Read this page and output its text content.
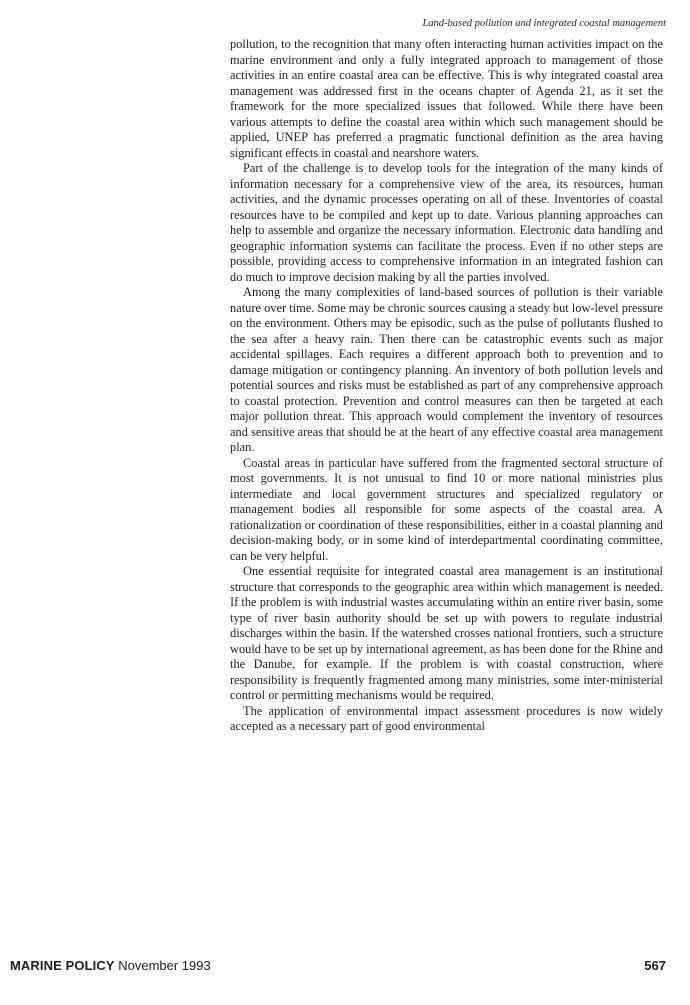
Land-based pollution and integrated coastal management

pollution, to the recognition that many often interacting human activities impact on the marine environment and only a fully integrated approach to management of those activities in an entire coastal area can be effective. This is why integrated coastal area management was addressed first in the oceans chapter of Agenda 21, as it set the framework for the more specialized issues that followed. While there have been various attempts to define the coastal area within which such management should be applied, UNEP has preferred a pragmatic functional definition as the area having significant effects in coastal and nearshore waters.

Part of the challenge is to develop tools for the integration of the many kinds of information necessary for a comprehensive view of the area, its resources, human activities, and the dynamic processes operating on all of these. Inventories of coastal resources have to be compiled and kept up to date. Various planning approaches can help to assemble and organize the necessary information. Electronic data handling and geographic information systems can facilitate the process. Even if no other steps are possible, providing access to comprehensive information in an integrated fashion can do much to improve decision making by all the parties involved.

Among the many complexities of land-based sources of pollution is their variable nature over time. Some may be chronic sources causing a steady but low-level pressure on the environment. Others may be episodic, such as the pulse of pollutants flushed to the sea after a heavy rain. Then there can be catastrophic events such as major accidental spillages. Each requires a different approach both to prevention and to damage mitigation or contingency planning. An inventory of both pollution levels and potential sources and risks must be established as part of any comprehensive approach to coastal protection. Prevention and control measures can then be targeted at each major pollution threat. This approach would complement the inventory of resources and sensitive areas that should be at the heart of any effective coastal area management plan.

Coastal areas in particular have suffered from the fragmented sectoral structure of most governments. It is not unusual to find 10 or more national ministries plus intermediate and local government structures and specialized regulatory or management bodies all responsible for some aspects of the coastal area. A rationalization or coordination of these responsibilities, either in a coastal planning and decision-making body, or in some kind of interdepartmental coordinating committee, can be very helpful.

One essential requisite for integrated coastal area management is an institutional structure that corresponds to the geographic area within which management is needed. If the problem is with industrial wastes accumulating within an entire river basin, some type of river basin authority should be set up with powers to regulate industrial discharges within the basin. If the watershed crosses national frontiers, such a structure would have to be set up by international agreement, as has been done for the Rhine and the Danube, for example. If the problem is with coastal construction, where responsibility is frequently fragmented among many ministries, some inter-ministerial control or permitting mechanisms would be required.

The application of environmental impact assessment procedures is now widely accepted as a necessary part of good environmental

MARINE POLICY November 1993	567
